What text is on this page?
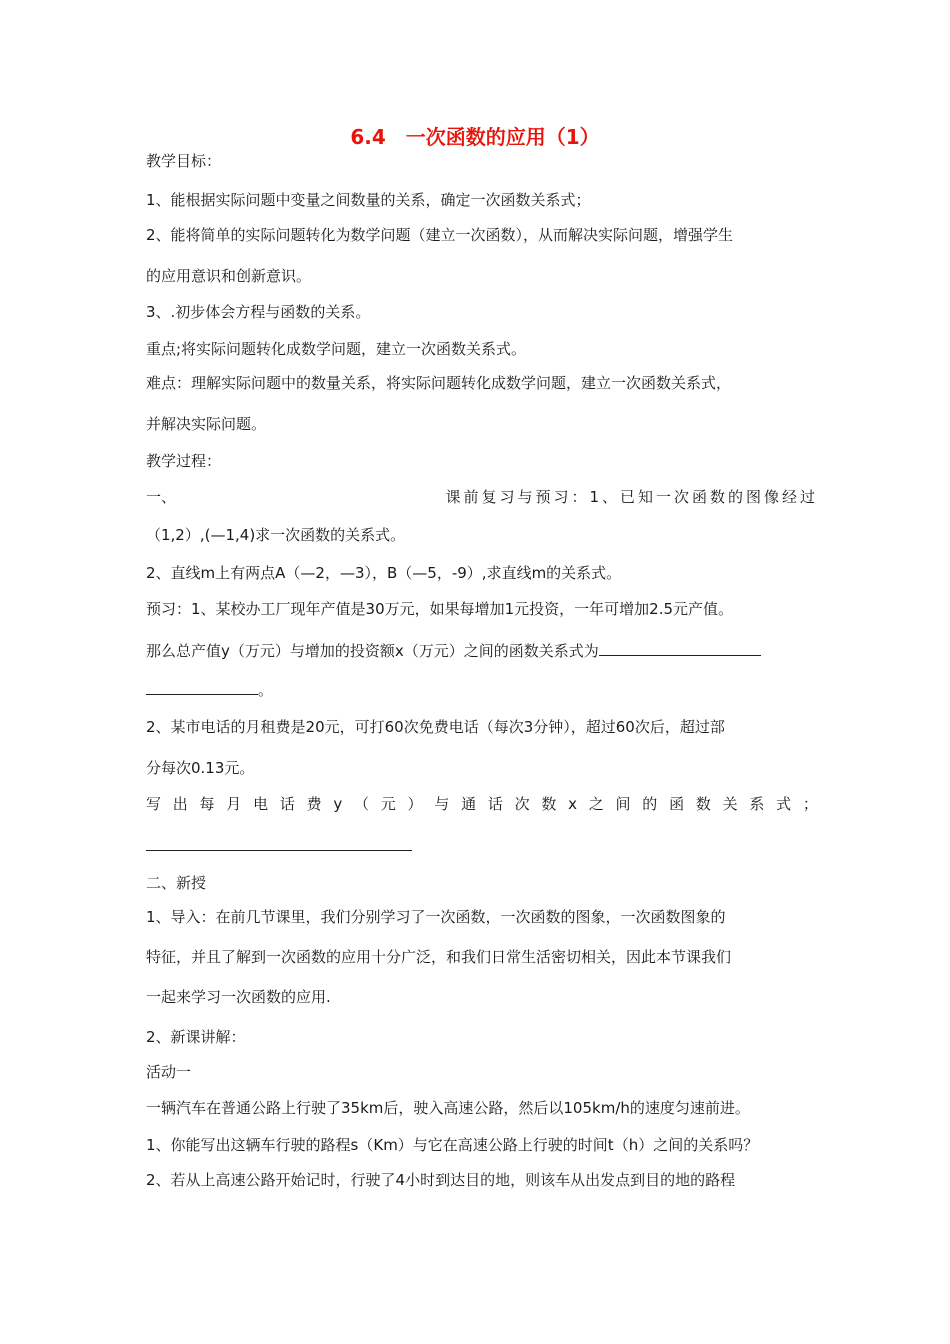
6.4　一次函数的应用（1）
教学目标：
1、能根据实际问题中变量之间数量的关系，确定一次函数关系式；
2、能将简单的实际问题转化为数学问题（建立一次函数），从而解决实际问题，增强学生
的应用意识和创新意识。
3、.初步体会方程与函数的关系。
重点;将实际问题转化成数学问题，建立一次函数关系式。
难点：理解实际问题中的数量关系，将实际问题转化成数学问题，建立一次函数关系式，
并解决实际问题。
教学过程：
一、	课前复习与预习：1、已知一次函数的图像经过
（1,2）,(—1,4)求一次函数的关系式。
2、直线m上有两点A（—2，—3），B（—5，-9）,求直线m的关系式。
预习：1、某校办工厂现年产值是30万元，如果每增加1元投资，一年可增加2.5元产值。
那么总产值y（万元）与增加的投资额x（万元）之间的函数关系式为
。
2、某市电话的月租费是20元，可打60次免费电话（每次3分钟），超过60次后，超过部
分每次0.13元。
写 出 每 月 电 话 费 y （ 元 ） 与 通 话 次 数 x 之 间 的 函 数 关 系 式 ；
二、新授
1、导入：在前几节课里，我们分别学习了一次函数，一次函数的图象，一次函数图象的
特征，并且了解到一次函数的应用十分广泛，和我们日常生活密切相关，因此本节课我们
一起来学习一次函数的应用.
2、新课讲解：
活动一
一辆汽车在普通公路上行驶了35km后，驶入高速公路，然后以105km/h的速度匀速前进。
1、你能写出这辆车行驶的路程s（Km）与它在高速公路上行驶的时间t（h）之间的关系吗？
2、若从上高速公路开始记时，行驶了4小时到达目的地，则该车从出发点到目的地的路程
